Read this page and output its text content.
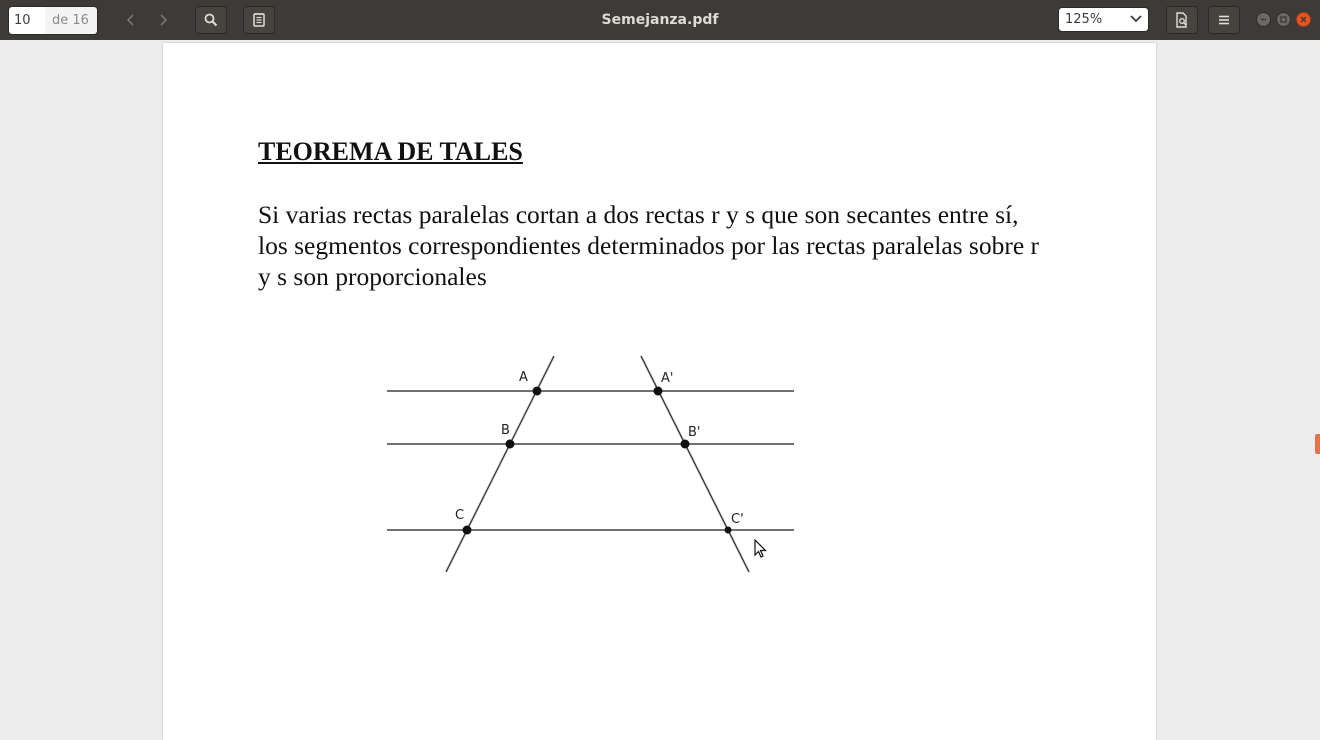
10	de 16	Semejanza.pdf	125%
TEOREMA DE TALES
Si varias rectas paralelas cortan a dos rectas r y s que son secantes entre sí, los segmentos correspondientes determinados por las rectas paralelas sobre r y s son proporcionales
A
B
C
A'
B'
C'
